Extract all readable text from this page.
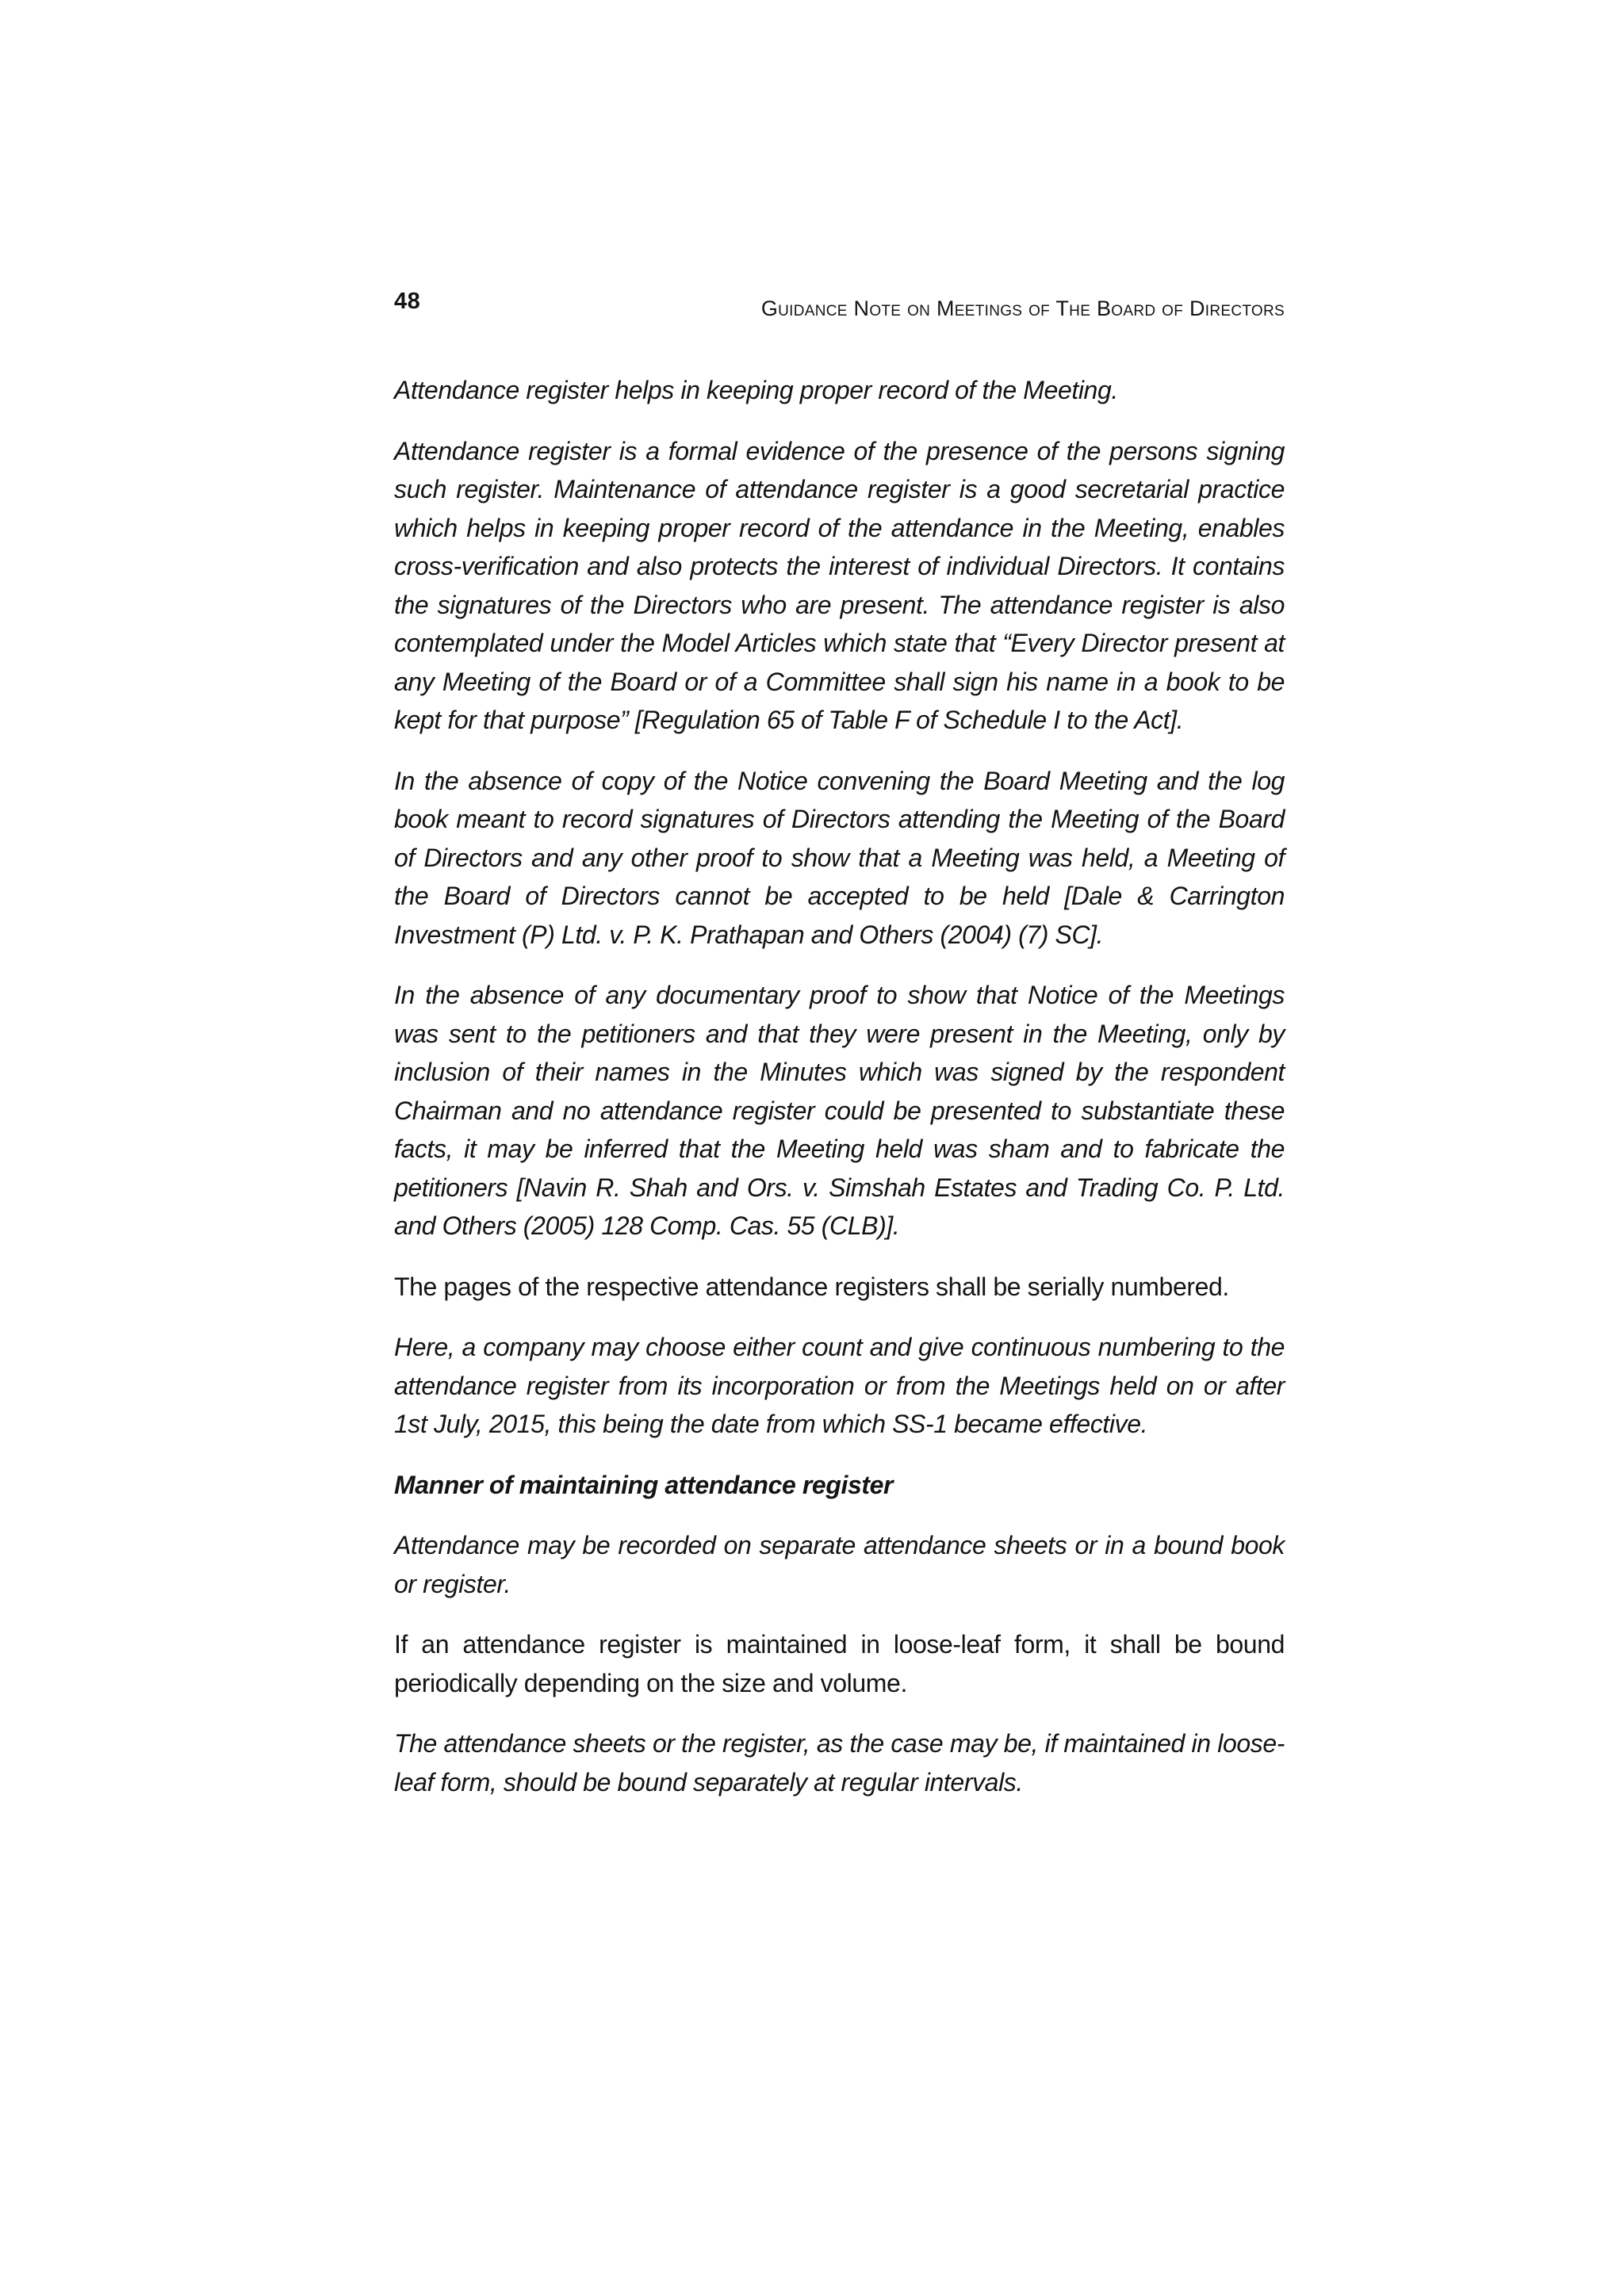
48	Guidance Note on Meetings of The Board of Directors

Attendance register helps in keeping proper record of the Meeting.

Attendance register is a formal evidence of the presence of the persons signing such register. Maintenance of attendance register is a good secretarial practice which helps in keeping proper record of the attendance in the Meeting, enables cross-verification and also protects the interest of individual Directors. It contains the signatures of the Directors who are present. The attendance register is also contemplated under the Model Articles which state that “Every Director present at any Meeting of the Board or of a Committee shall sign his name in a book to be kept for that purpose” [Regulation 65 of Table F of Schedule I to the Act].

In the absence of copy of the Notice convening the Board Meeting and the log book meant to record signatures of Directors attending the Meeting of the Board of Directors and any other proof to show that a Meeting was held, a Meeting of the Board of Directors cannot be accepted to be held [Dale & Carrington Investment (P) Ltd. v. P. K. Prathapan and Others (2004) (7) SC].

In the absence of any documentary proof to show that Notice of the Meetings was sent to the petitioners and that they were present in the Meeting, only by inclusion of their names in the Minutes which was signed by the respondent Chairman and no attendance register could be presented to substantiate these facts, it may be inferred that the Meeting held was sham and to fabricate the petitioners [Navin R. Shah and Ors. v. Simshah Estates and Trading Co. P. Ltd. and Others (2005) 128 Comp. Cas. 55 (CLB)].

The pages of the respective attendance registers shall be serially numbered.

Here, a company may choose either count and give continuous numbering to the attendance register from its incorporation or from the Meetings held on or after 1st July, 2015, this being the date from which SS-1 became effective.

Manner of maintaining attendance register

Attendance may be recorded on separate attendance sheets or in a bound book or register.

If an attendance register is maintained in loose-leaf form, it shall be bound periodically depending on the size and volume.

The attendance sheets or the register, as the case may be, if maintained in loose-leaf form, should be bound separately at regular intervals.
